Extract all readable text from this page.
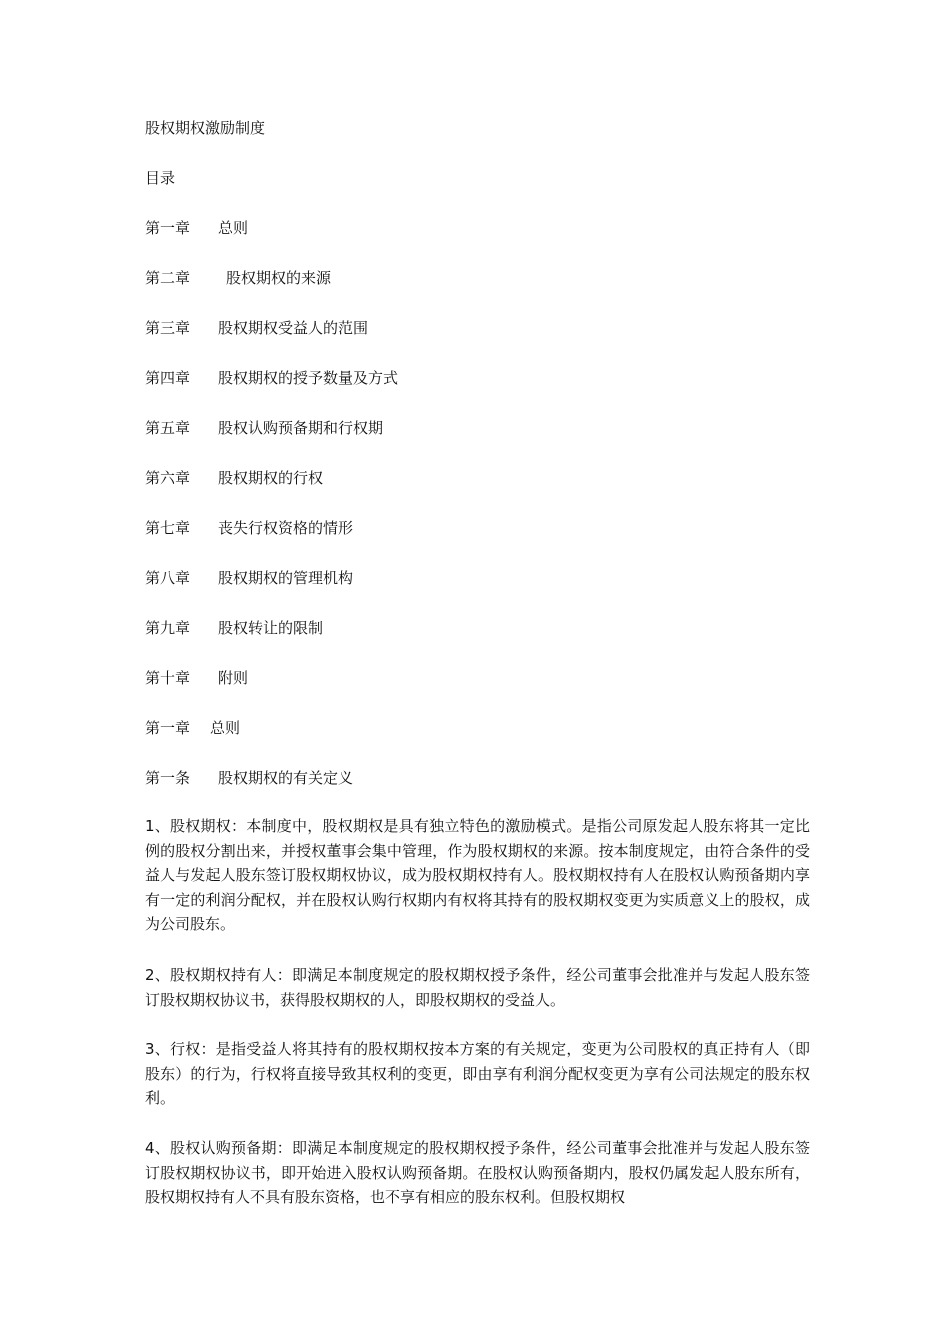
股权期权激励制度
目录
第一章 总则
第二章 股权期权的来源
第三章 股权期权受益人的范围
第四章 股权期权的授予数量及方式
第五章 股权认购预备期和行权期
第六章 股权期权的行权
第七章 丧失行权资格的情形
第八章 股权期权的管理机构
第九章 股权转让的限制
第十章 附则
第一章 总则
第一条 股权期权的有关定义

1、股权期权：本制度中，股权期权是具有独立特色的激励模式。是指公司原发起人股东将其一定比例的股权分割出来，并授权董事会集中管理，作为股权期权的来源。按本制度规定，由符合条件的受益人与发起人股东签订股权期权协议，成为股权期权持有人。股权期权持有人在股权认购预备期内享有一定的利润分配权，并在股权认购行权期内有权将其持有的股权期权变更为实质意义上的股权，成为公司股东。

2、股权期权持有人：即满足本制度规定的股权期权授予条件，经公司董事会批准并与发起人股东签订股权期权协议书，获得股权期权的人，即股权期权的受益人。

3、行权：是指受益人将其持有的股权期权按本方案的有关规定，变更为公司股权的真正持有人（即股东）的行为，行权将直接导致其权利的变更，即由享有利润分配权变更为享有公司法规定的股东权利。

4、股权认购预备期：即满足本制度规定的股权期权授予条件，经公司董事会批准并与发起人股东签订股权期权协议书，即开始进入股权认购预备期。在股权认购预备期内，股权仍属发起人股东所有，股权期权持有人不具有股东资格，也不享有相应的股东权利。但股权期权
